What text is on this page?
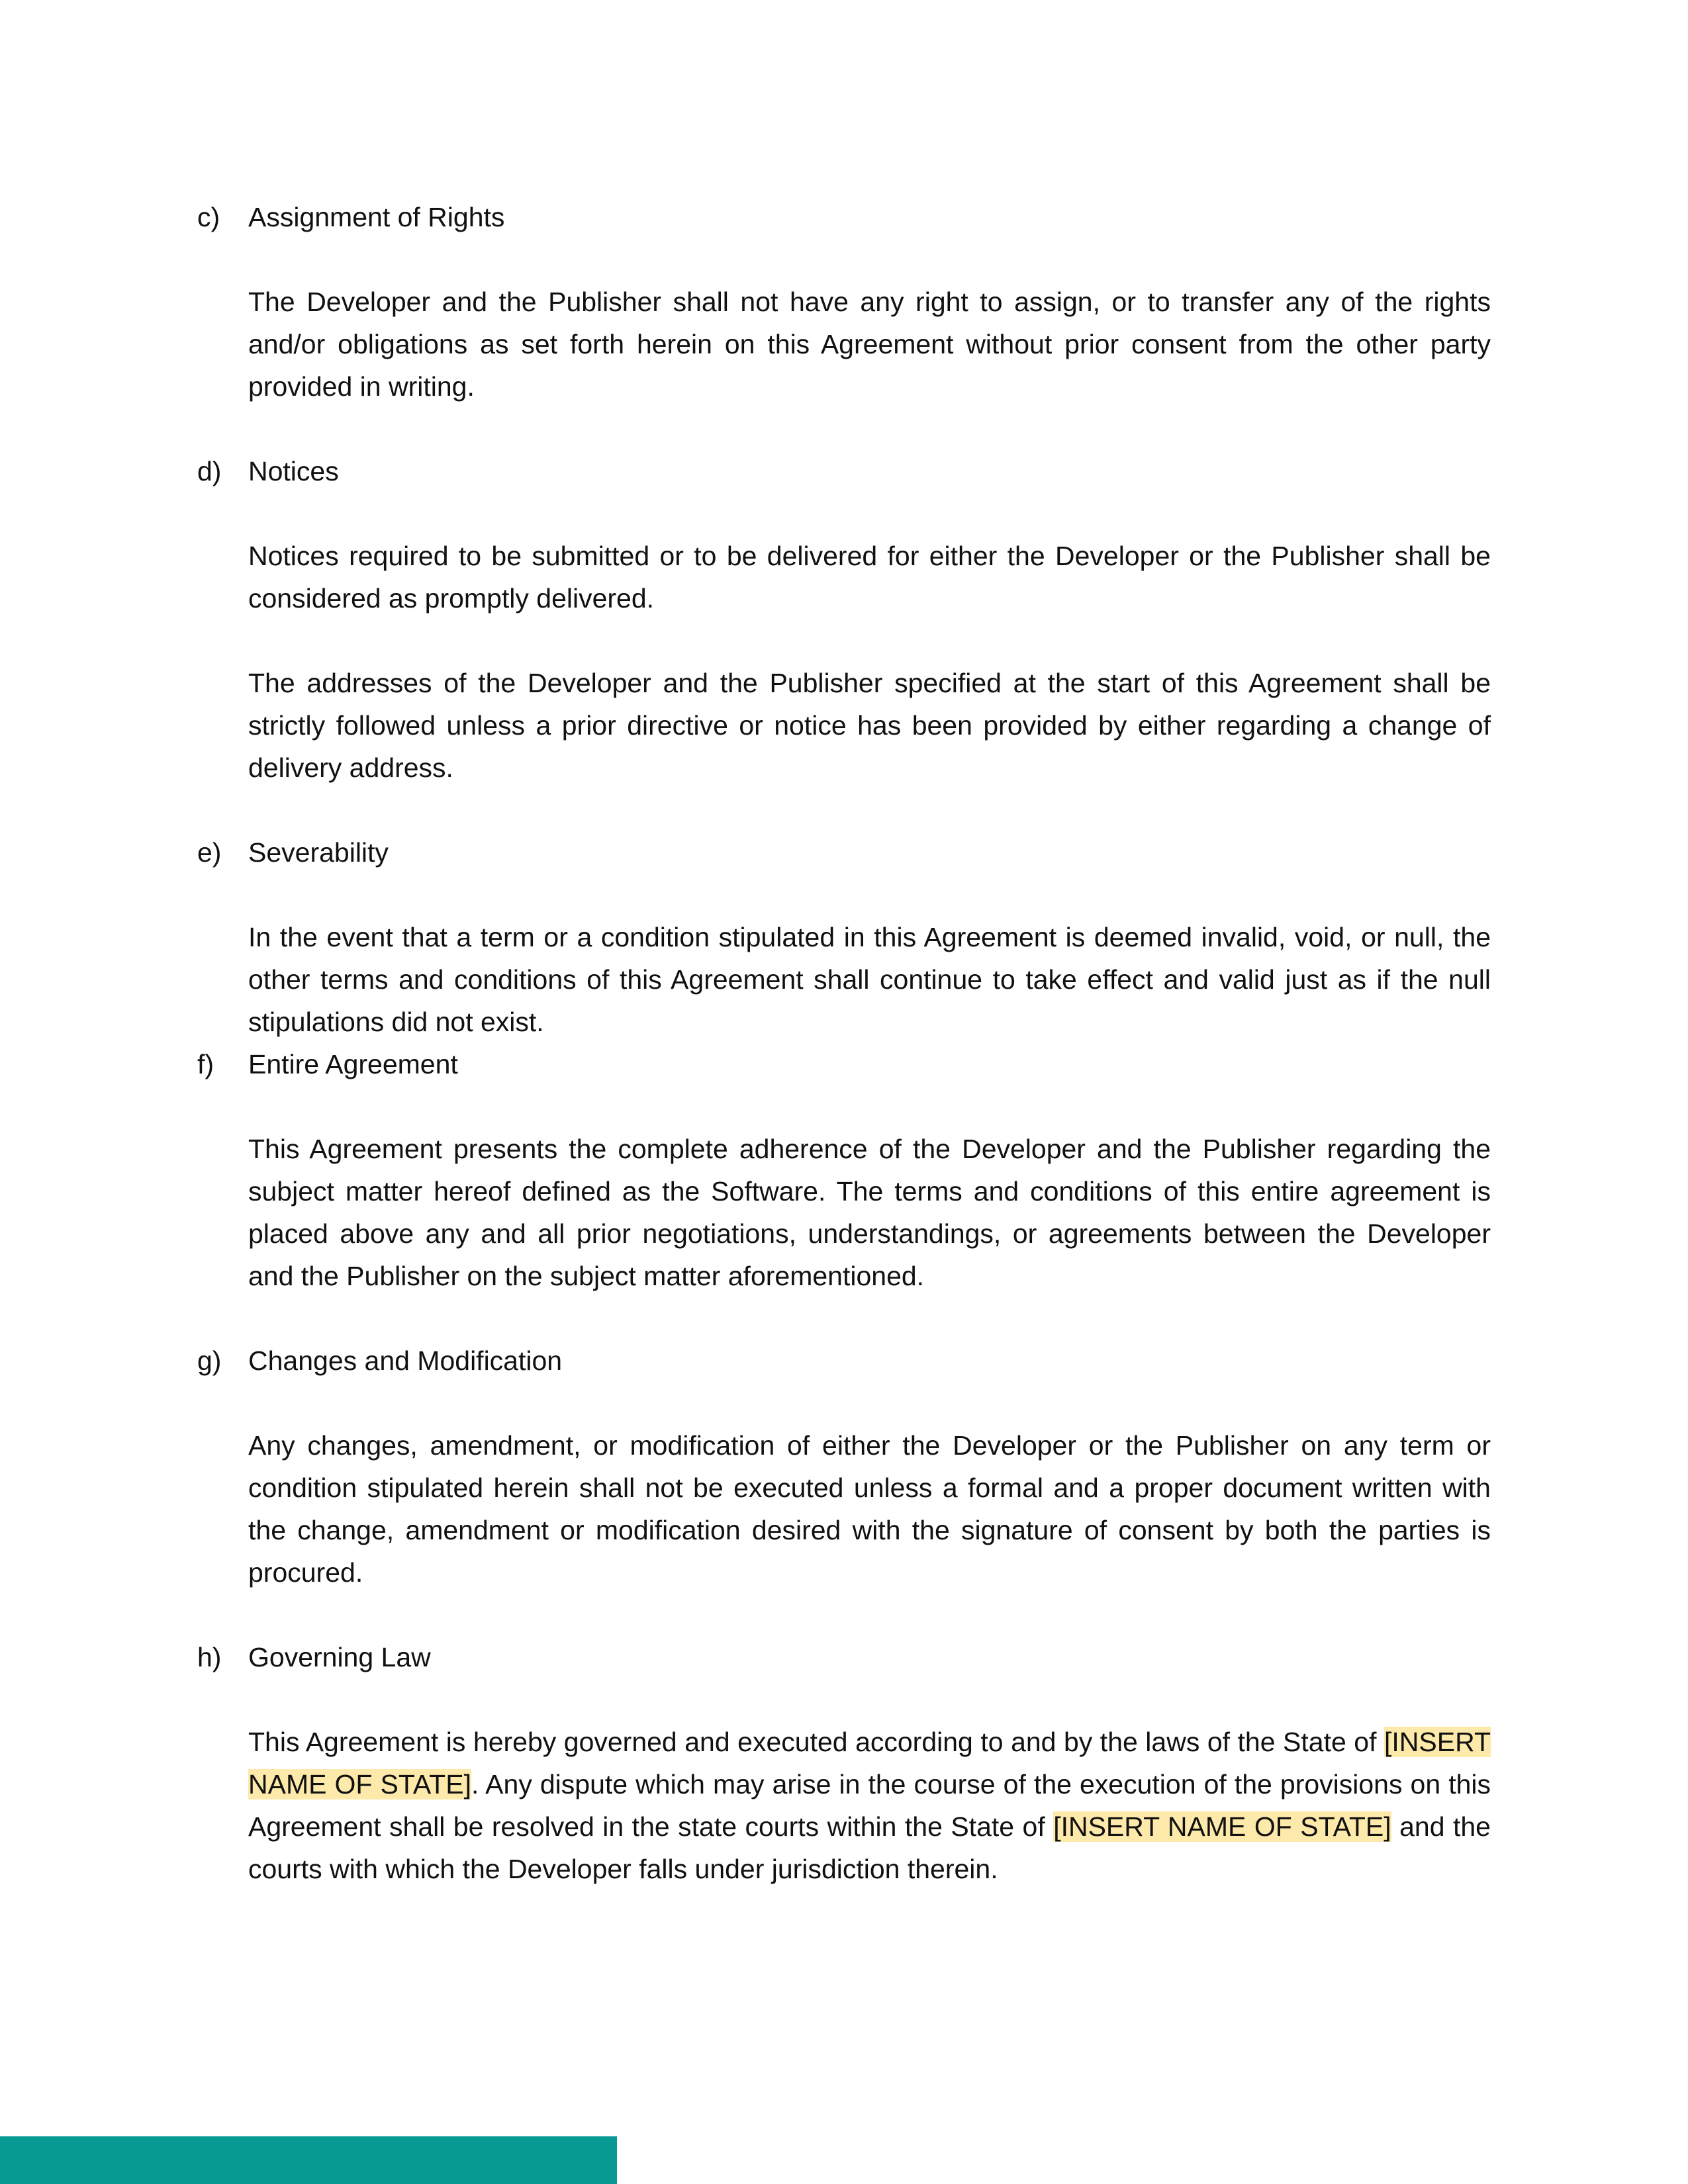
c)	Assignment of Rights

The Developer and the Publisher shall not have any right to assign, or to transfer any of the rights and/or obligations as set forth herein on this Agreement without prior consent from the other party provided in writing.

d) Notices

Notices required to be submitted or to be delivered for either the Developer or the Publisher shall be considered as promptly delivered.

The addresses of the Developer and the Publisher specified at the start of this Agreement shall be strictly followed unless a prior directive or notice has been provided by either regarding a change of delivery address.

e) Severability

In the event that a term or a condition stipulated in this Agreement is deemed invalid, void, or null, the other terms and conditions of this Agreement shall continue to take effect and valid just as if the null stipulations did not exist.

f)	Entire Agreement

This Agreement presents the complete adherence of the Developer and the Publisher regarding the subject matter hereof defined as the Software. The terms and conditions of this entire agreement is placed above any and all prior negotiations, understandings, or agreements between the Developer and the Publisher on the subject matter aforementioned.

g) Changes and Modification

Any changes, amendment, or modification of either the Developer or the Publisher on any term or condition stipulated herein shall not be executed unless a formal and a proper document written with the change, amendment or modification desired with the signature of consent by both the parties is procured.

h) Governing Law

This Agreement is hereby governed and executed according to and by the laws of the State of [INSERT NAME OF STATE]. Any dispute which may arise in the course of the execution of the provisions on this Agreement shall be resolved in the state courts within the State of [INSERT NAME OF STATE] and the courts with which the Developer falls under jurisdiction therein.
